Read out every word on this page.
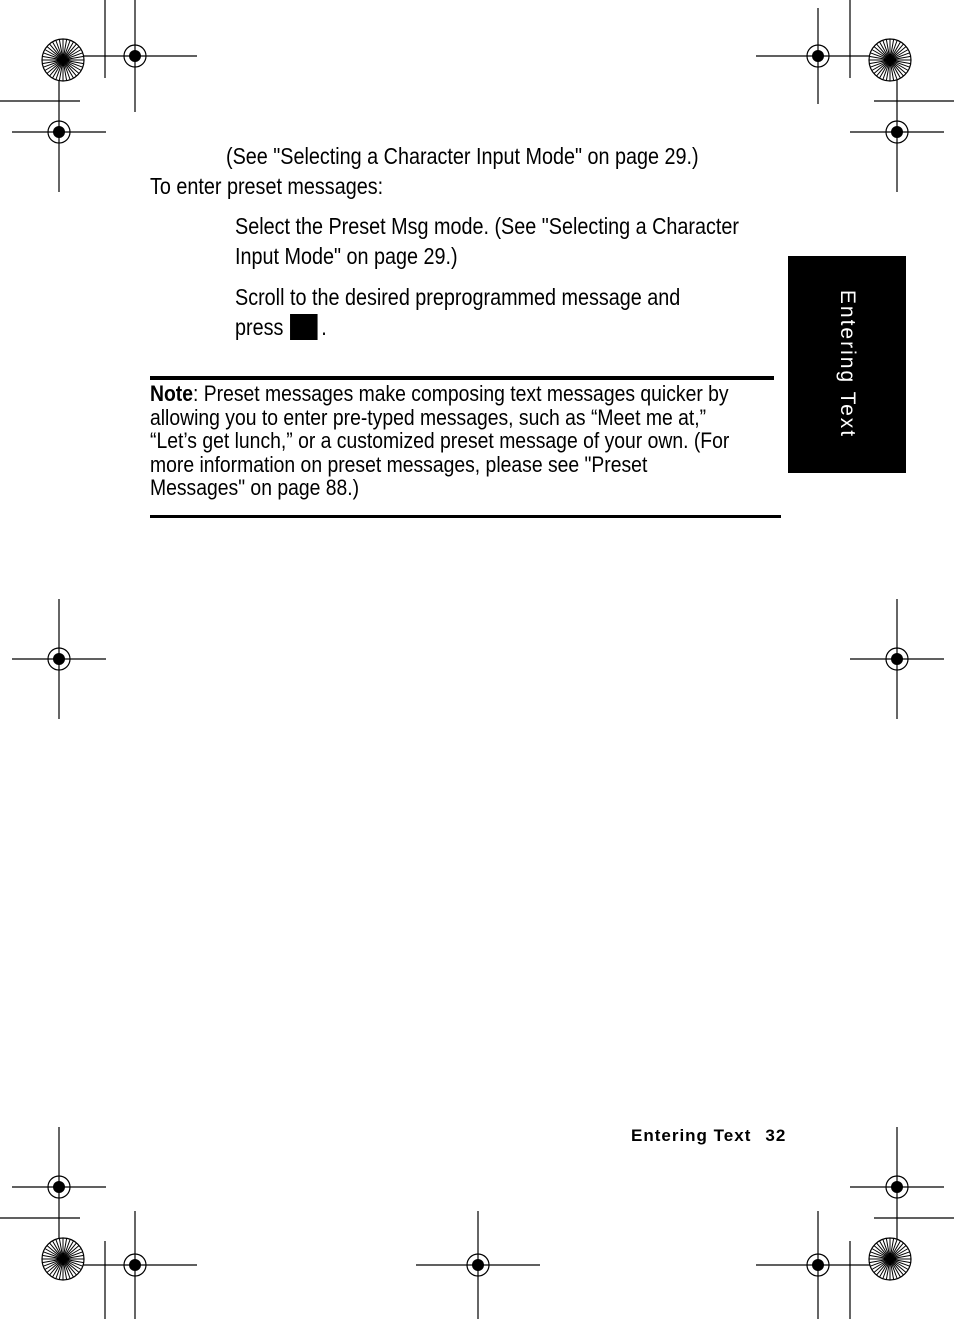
(See "Selecting a Character Input Mode" on page 29.)
To enter preset messages:
Select the Preset Msg mode. (See "Selecting a Character
Input Mode" on page 29.)
Scroll to the desired preprogrammed message and
press .
Note: Preset messages make composing text messages quicker by
allowing you to enter pre-typed messages, such as “Meet me at,”
“Let’s get lunch,” or a customized preset message of your own. (For
more information on preset messages, please see "Preset
Messages" on page 88.)
Entering Text
Entering Text 32
